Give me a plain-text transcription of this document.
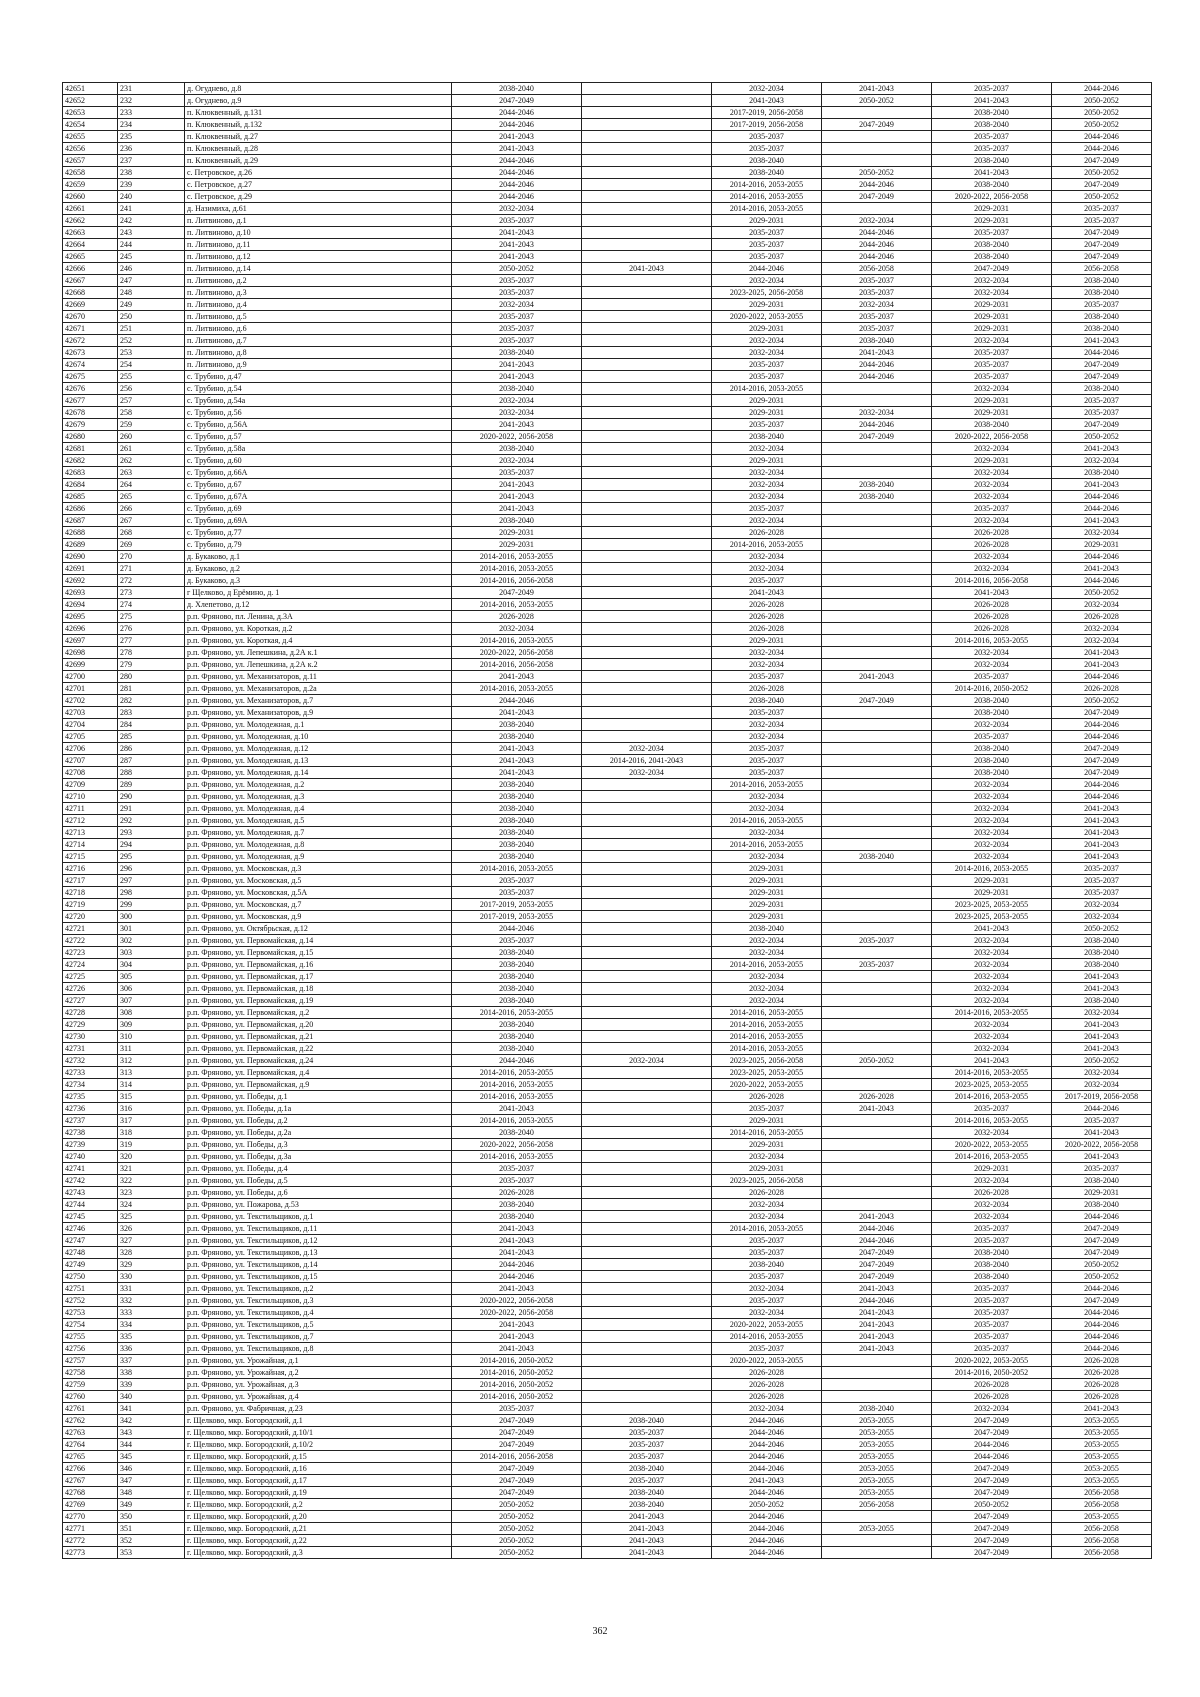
42651	231	д. Огуднево, д.8	2038-2040		2032-2034	2041-2043	2035-2037	2044-2046
42652	232	д. Огуднево, д.9	2047-2049		2041-2043	2050-2052	2041-2043	2050-2052
42653	233	п. Клюквенный, д.131	2044-2046		2017-2019, 2056-2058		2038-2040	2050-2052
42654	234	п. Клюквенный, д.132	2044-2046		2017-2019, 2056-2058	2047-2049	2038-2040	2050-2052
42655	235	п. Клюквенный, д.27	2041-2043		2035-2037		2035-2037	2044-2046
42656	236	п. Клюквенный, д.28	2041-2043		2035-2037		2035-2037	2044-2046
42657	237	п. Клюквенный, д.29	2044-2046		2038-2040		2038-2040	2047-2049
42658	238	с. Петровское, д.26	2044-2046		2038-2040	2050-2052	2041-2043	2050-2052
42659	239	с. Петровское, д.27	2044-2046		2014-2016, 2053-2055	2044-2046	2038-2040	2047-2049
42660	240	с. Петровское, д.29	2044-2046		2014-2016, 2053-2055	2047-2049	2020-2022, 2056-2058	2050-2052
42661	241	д. Назимиха, д.61	2032-2034		2014-2016, 2053-2055		2029-2031	2035-2037
42662	242	п. Литвиново, д.1	2035-2037		2029-2031	2032-2034	2029-2031	2035-2037
42663	243	п. Литвиново, д.10	2041-2043		2035-2037	2044-2046	2035-2037	2047-2049
42664	244	п. Литвиново, д.11	2041-2043		2035-2037	2044-2046	2038-2040	2047-2049
42665	245	п. Литвиново, д.12	2041-2043		2035-2037	2044-2046	2038-2040	2047-2049
42666	246	п. Литвиново, д.14	2050-2052	2041-2043	2044-2046	2056-2058	2047-2049	2056-2058
42667	247	п. Литвиново, д.2	2035-2037		2032-2034	2035-2037	2032-2034	2038-2040
42668	248	п. Литвиново, д.3	2035-2037		2023-2025, 2056-2058	2035-2037	2032-2034	2038-2040
42669	249	п. Литвиново, д.4	2032-2034		2029-2031	2032-2034	2029-2031	2035-2037
42670	250	п. Литвиново, д.5	2035-2037		2020-2022, 2053-2055	2035-2037	2029-2031	2038-2040
42671	251	п. Литвиново, д.6	2035-2037		2029-2031	2035-2037	2029-2031	2038-2040
42672	252	п. Литвиново, д.7	2035-2037		2032-2034	2038-2040	2032-2034	2041-2043
42673	253	п. Литвиново, д.8	2038-2040		2032-2034	2041-2043	2035-2037	2044-2046
42674	254	п. Литвиново, д.9	2041-2043		2035-2037	2044-2046	2035-2037	2047-2049
42675	255	с. Трубино, д.47	2041-2043		2035-2037	2044-2046	2035-2037	2047-2049
42676	256	с. Трубино, д.54	2038-2040		2014-2016, 2053-2055		2032-2034	2038-2040
42677	257	с. Трубино, д.54а	2032-2034		2029-2031		2029-2031	2035-2037
42678	258	с. Трубино, д.56	2032-2034		2029-2031	2032-2034	2029-2031	2035-2037
42679	259	с. Трубино, д.56А	2041-2043		2035-2037	2044-2046	2038-2040	2047-2049
42680	260	с. Трубино, д.57	2020-2022, 2056-2058		2038-2040	2047-2049	2020-2022, 2056-2058	2050-2052
42681	261	с. Трубино, д.58а	2038-2040		2032-2034		2032-2034	2041-2043
42682	262	с. Трубино, д.60	2032-2034		2029-2031		2029-2031	2032-2034
42683	263	с. Трубино, д.66А	2035-2037		2032-2034		2032-2034	2038-2040
42684	264	с. Трубино, д.67	2041-2043		2032-2034	2038-2040	2032-2034	2041-2043
42685	265	с. Трубино, д.67А	2041-2043		2032-2034	2038-2040	2032-2034	2044-2046
42686	266	с. Трубино, д.69	2041-2043		2035-2037		2035-2037	2044-2046
42687	267	с. Трубино, д.69А	2038-2040		2032-2034		2032-2034	2041-2043
42688	268	с. Трубино, д.77	2029-2031		2026-2028		2026-2028	2032-2034
42689	269	с. Трубино, д.79	2029-2031		2014-2016, 2053-2055		2026-2028	2029-2031
42690	270	д. Букаково, д.1	2014-2016, 2053-2055		2032-2034		2032-2034	2044-2046
42691	271	д. Букаково, д.2	2014-2016, 2053-2055		2032-2034		2032-2034	2041-2043
42692	272	д. Букаково, д.3	2014-2016, 2056-2058		2035-2037		2014-2016, 2056-2058	2044-2046
42693	273	г Щелково, д Ерёмино, д. 1	2047-2049		2041-2043		2041-2043	2050-2052
42694	274	д. Хлепетово, д.12	2014-2016, 2053-2055		2026-2028		2026-2028	2032-2034
42695	275	р.п. Фряново, пл. Ленина, д.3А	2026-2028		2026-2028		2026-2028	2026-2028
42696	276	р.п. Фряново, ул. Короткая, д.2	2032-2034		2026-2028		2026-2028	2032-2034
42697	277	р.п. Фряново, ул. Короткая, д.4	2014-2016, 2053-2055		2029-2031		2014-2016, 2053-2055	2032-2034
42698	278	р.п. Фряново, ул. Лепешкина, д.2А к.1	2020-2022, 2056-2058		2032-2034		2032-2034	2041-2043
42699	279	р.п. Фряново, ул. Лепешкина, д.2А к.2	2014-2016, 2056-2058		2032-2034		2032-2034	2041-2043
42700	280	р.п. Фряново, ул. Механизаторов, д.11	2041-2043		2035-2037	2041-2043	2035-2037	2044-2046
42701	281	р.п. Фряново, ул. Механизаторов, д.2а	2014-2016, 2053-2055		2026-2028		2014-2016, 2050-2052	2026-2028
42702	282	р.п. Фряново, ул. Механизаторов, д.7	2044-2046		2038-2040	2047-2049	2038-2040	2050-2052
42703	283	р.п. Фряново, ул. Механизаторов, д.9	2041-2043		2035-2037		2038-2040	2047-2049
42704	284	р.п. Фряново, ул. Молодежная, д.1	2038-2040		2032-2034		2032-2034	2044-2046
42705	285	р.п. Фряново, ул. Молодежная, д.10	2038-2040		2032-2034		2035-2037	2044-2046
42706	286	р.п. Фряново, ул. Молодежная, д.12	2041-2043	2032-2034	2035-2037		2038-2040	2047-2049
42707	287	р.п. Фряново, ул. Молодежная, д.13	2041-2043	2014-2016, 2041-2043	2035-2037		2038-2040	2047-2049
42708	288	р.п. Фряново, ул. Молодежная, д.14	2041-2043	2032-2034	2035-2037		2038-2040	2047-2049
42709	289	р.п. Фряново, ул. Молодежная, д.2	2038-2040		2014-2016, 2053-2055		2032-2034	2044-2046
42710	290	р.п. Фряново, ул. Молодежная, д.3	2038-2040		2032-2034		2032-2034	2044-2046
42711	291	р.п. Фряново, ул. Молодежная, д.4	2038-2040		2032-2034		2032-2034	2041-2043
42712	292	р.п. Фряново, ул. Молодежная, д.5	2038-2040		2014-2016, 2053-2055		2032-2034	2041-2043
42713	293	р.п. Фряново, ул. Молодежная, д.7	2038-2040		2032-2034		2032-2034	2041-2043
42714	294	р.п. Фряново, ул. Молодежная, д.8	2038-2040		2014-2016, 2053-2055		2032-2034	2041-2043
42715	295	р.п. Фряново, ул. Молодежная, д.9	2038-2040		2032-2034	2038-2040	2032-2034	2041-2043
42716	296	р.п. Фряново, ул. Московская, д.3	2014-2016, 2053-2055		2029-2031		2014-2016, 2053-2055	2035-2037
42717	297	р.п. Фряново, ул. Московская, д.5	2035-2037		2029-2031		2029-2031	2035-2037
42718	298	р.п. Фряново, ул. Московская, д.5А	2035-2037		2029-2031		2029-2031	2035-2037
42719	299	р.п. Фряново, ул. Московская, д.7	2017-2019, 2053-2055		2029-2031		2023-2025, 2053-2055	2032-2034
42720	300	р.п. Фряново, ул. Московская, д.9	2017-2019, 2053-2055		2029-2031		2023-2025, 2053-2055	2032-2034
42721	301	р.п. Фряново, ул. Октябрьская, д.12	2044-2046		2038-2040		2041-2043	2050-2052
42722	302	р.п. Фряново, ул. Первомайская, д.14	2035-2037		2032-2034	2035-2037	2032-2034	2038-2040
42723	303	р.п. Фряново, ул. Первомайская, д.15	2038-2040		2032-2034		2032-2034	2038-2040
42724	304	р.п. Фряново, ул. Первомайская, д.16	2038-2040		2014-2016, 2053-2055	2035-2037	2032-2034	2038-2040
42725	305	р.п. Фряново, ул. Первомайская, д.17	2038-2040		2032-2034		2032-2034	2041-2043
42726	306	р.п. Фряново, ул. Первомайская, д.18	2038-2040		2032-2034		2032-2034	2041-2043
42727	307	р.п. Фряново, ул. Первомайская, д.19	2038-2040		2032-2034		2032-2034	2038-2040
42728	308	р.п. Фряново, ул. Первомайская, д.2	2014-2016, 2053-2055		2014-2016, 2053-2055		2014-2016, 2053-2055	2032-2034
42729	309	р.п. Фряново, ул. Первомайская, д.20	2038-2040		2014-2016, 2053-2055		2032-2034	2041-2043
42730	310	р.п. Фряново, ул. Первомайская, д.21	2038-2040		2014-2016, 2053-2055		2032-2034	2041-2043
42731	311	р.п. Фряново, ул. Первомайская, д.22	2038-2040		2014-2016, 2053-2055		2032-2034	2041-2043
42732	312	р.п. Фряново, ул. Первомайская, д.24	2044-2046	2032-2034	2023-2025, 2056-2058	2050-2052	2041-2043	2050-2052
42733	313	р.п. Фряново, ул. Первомайская, д.4	2014-2016, 2053-2055		2023-2025, 2053-2055		2014-2016, 2053-2055	2032-2034
42734	314	р.п. Фряново, ул. Первомайская, д.9	2014-2016, 2053-2055		2020-2022, 2053-2055		2023-2025, 2053-2055	2032-2034
42735	315	р.п. Фряново, ул. Победы, д.1	2014-2016, 2053-2055		2026-2028	2026-2028	2014-2016, 2053-2055	2017-2019, 2056-2058
42736	316	р.п. Фряново, ул. Победы, д.1а	2041-2043		2035-2037	2041-2043	2035-2037	2044-2046
42737	317	р.п. Фряново, ул. Победы, д.2	2014-2016, 2053-2055		2029-2031		2014-2016, 2053-2055	2035-2037
42738	318	р.п. Фряново, ул. Победы, д.2а	2038-2040		2014-2016, 2053-2055		2032-2034	2041-2043
42739	319	р.п. Фряново, ул. Победы, д.3	2020-2022, 2056-2058		2029-2031		2020-2022, 2053-2055	2020-2022, 2056-2058
42740	320	р.п. Фряново, ул. Победы, д.3а	2014-2016, 2053-2055		2032-2034		2014-2016, 2053-2055	2041-2043
42741	321	р.п. Фряново, ул. Победы, д.4	2035-2037		2029-2031		2029-2031	2035-2037
42742	322	р.п. Фряново, ул. Победы, д.5	2035-2037		2023-2025, 2056-2058		2032-2034	2038-2040
42743	323	р.п. Фряново, ул. Победы, д.6	2026-2028		2026-2028		2026-2028	2029-2031
42744	324	р.п. Фряново, ул. Пожарова, д.53	2038-2040		2032-2034		2032-2034	2038-2040
42745	325	р.п. Фряново, ул. Текстильщиков, д.1	2038-2040		2032-2034	2041-2043	2032-2034	2044-2046
42746	326	р.п. Фряново, ул. Текстильщиков, д.11	2041-2043		2014-2016, 2053-2055	2044-2046	2035-2037	2047-2049
42747	327	р.п. Фряново, ул. Текстильщиков, д.12	2041-2043		2035-2037	2044-2046	2035-2037	2047-2049
42748	328	р.п. Фряново, ул. Текстильщиков, д.13	2041-2043		2035-2037	2047-2049	2038-2040	2047-2049
42749	329	р.п. Фряново, ул. Текстильщиков, д.14	2044-2046		2038-2040	2047-2049	2038-2040	2050-2052
42750	330	р.п. Фряново, ул. Текстильщиков, д.15	2044-2046		2035-2037	2047-2049	2038-2040	2050-2052
42751	331	р.п. Фряново, ул. Текстильщиков, д.2	2041-2043		2032-2034	2041-2043	2035-2037	2044-2046
42752	332	р.п. Фряново, ул. Текстильщиков, д.3	2020-2022, 2056-2058		2035-2037	2044-2046	2035-2037	2047-2049
42753	333	р.п. Фряново, ул. Текстильщиков, д.4	2020-2022, 2056-2058		2032-2034	2041-2043	2035-2037	2044-2046
42754	334	р.п. Фряново, ул. Текстильщиков, д.5	2041-2043		2020-2022, 2053-2055	2041-2043	2035-2037	2044-2046
42755	335	р.п. Фряново, ул. Текстильщиков, д.7	2041-2043		2014-2016, 2053-2055	2041-2043	2035-2037	2044-2046
42756	336	р.п. Фряново, ул. Текстильщиков, д.8	2041-2043		2035-2037	2041-2043	2035-2037	2044-2046
42757	337	р.п. Фряново, ул. Урожайная, д.1	2014-2016, 2050-2052		2020-2022, 2053-2055		2020-2022, 2053-2055	2026-2028
42758	338	р.п. Фряново, ул. Урожайная, д.2	2014-2016, 2050-2052		2026-2028		2014-2016, 2050-2052	2026-2028
42759	339	р.п. Фряново, ул. Урожайная, д.3	2014-2016, 2050-2052		2026-2028		2026-2028	2026-2028
42760	340	р.п. Фряново, ул. Урожайная, д.4	2014-2016, 2050-2052		2026-2028		2026-2028	2026-2028
42761	341	р.п. Фряново, ул. Фабричная, д.23	2035-2037		2032-2034	2038-2040	2032-2034	2041-2043
42762	342	г. Щелково, мкр. Богородский, д.1	2047-2049	2038-2040	2044-2046	2053-2055	2047-2049	2053-2055
42763	343	г. Щелково, мкр. Богородский, д.10/1	2047-2049	2035-2037	2044-2046	2053-2055	2047-2049	2053-2055
42764	344	г. Щелково, мкр. Богородский, д.10/2	2047-2049	2035-2037	2044-2046	2053-2055	2044-2046	2053-2055
42765	345	г. Щелково, мкр. Богородский, д.15	2014-2016, 2056-2058	2035-2037	2044-2046	2053-2055	2044-2046	2053-2055
42766	346	г. Щелково, мкр. Богородский, д.16	2047-2049	2038-2040	2044-2046	2053-2055	2047-2049	2053-2055
42767	347	г. Щелково, мкр. Богородский, д.17	2047-2049	2035-2037	2041-2043	2053-2055	2047-2049	2053-2055
42768	348	г. Щелково, мкр. Богородский, д.19	2047-2049	2038-2040	2044-2046	2053-2055	2047-2049	2056-2058
42769	349	г. Щелково, мкр. Богородский, д.2	2050-2052	2038-2040	2050-2052	2056-2058	2050-2052	2056-2058
42770	350	г. Щелково, мкр. Богородский, д.20	2050-2052	2041-2043	2044-2046		2047-2049	2053-2055
42771	351	г. Щелково, мкр. Богородский, д.21	2050-2052	2041-2043	2044-2046	2053-2055	2047-2049	2056-2058
42772	352	г. Щелково, мкр. Богородский, д.22	2050-2052	2041-2043	2044-2046		2047-2049	2056-2058
42773	353	г. Щелково, мкр. Богородский, д.3	2050-2052	2041-2043	2044-2046		2047-2049	2056-2058
362
